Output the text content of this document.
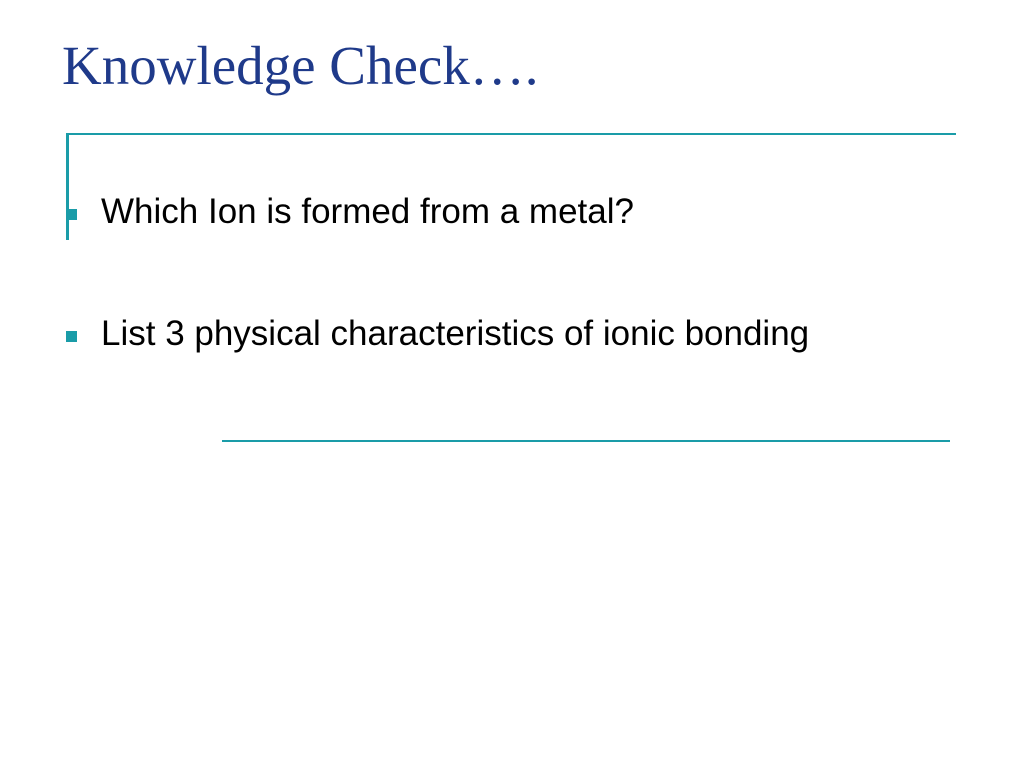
Knowledge Check….
Which Ion is formed from a metal?
List 3 physical characteristics of ionic bonding
